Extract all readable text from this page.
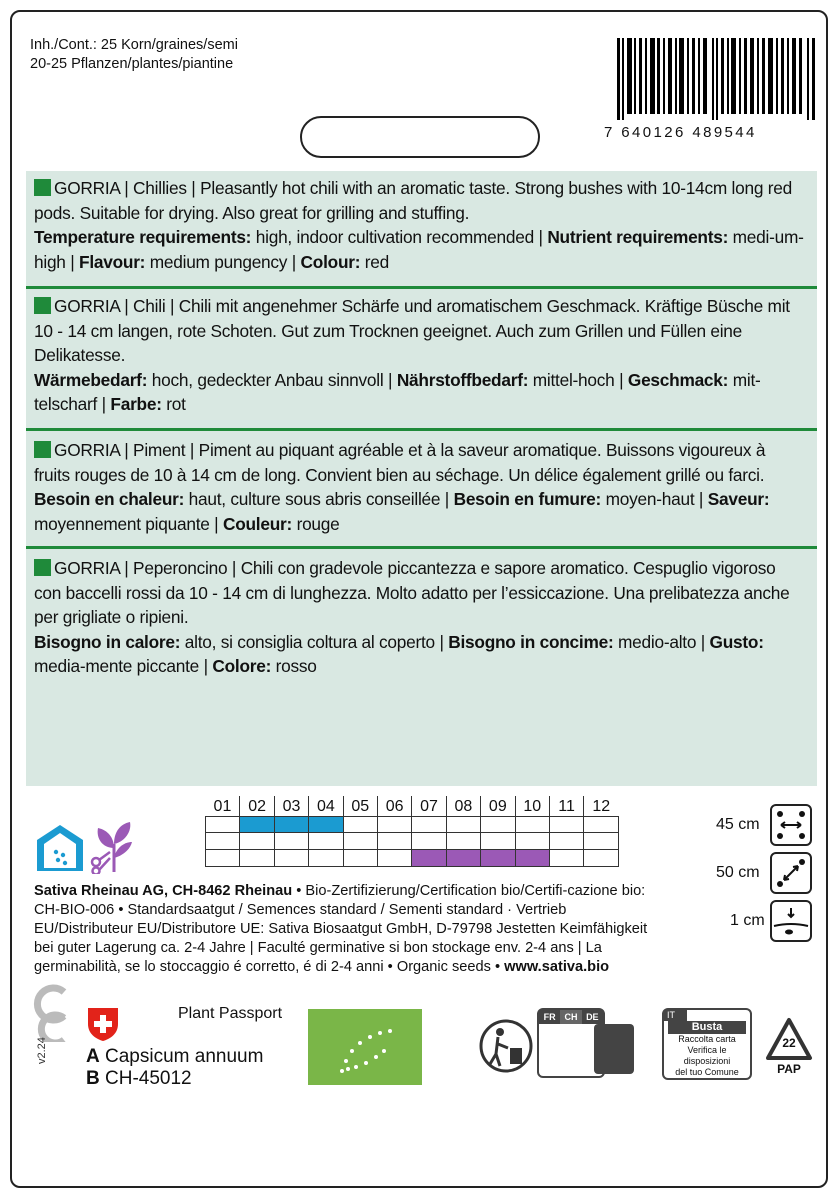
Inh./Cont.: 25 Korn/graines/semi
20-25 Pflanzen/plantes/piantine
7 640126 489544
GORRIA | Chillies | Pleasantly hot chili with an aromatic taste. Strong bushes with 10-14cm long red pods. Suitable for drying. Also great for grilling and stuffing.
Temperature requirements: high, indoor cultivation recommended | Nutrient requirements: medi-um-high | Flavour: medium pungency | Colour: red
GORRIA | Chili | Chili mit angenehmer Schärfe und aromatischem Geschmack. Kräftige Büsche mit 10 - 14 cm langen, rote Schoten. Gut zum Trocknen geeignet. Auch zum Grillen und Füllen eine Delikatesse.
Wärmebedarf: hoch, gedeckter Anbau sinnvoll | Nährstoffbedarf: mittel-hoch | Geschmack: mit-telscharf | Farbe: rot
GORRIA | Piment | Piment au piquant agréable et à la saveur aromatique. Buissons vigoureux à fruits rouges de 10 à 14 cm de long. Convient bien au séchage. Un délice également grillé ou farci.
Besoin en chaleur: haut, culture sous abris conseillée | Besoin en fumure: moyen-haut | Saveur: moyennement piquante | Couleur: rouge
GORRIA | Peperoncino | Chili con gradevole piccantezza e sapore aromatico. Cespuglio vigoroso con baccelli rossi da 10 - 14 cm di lunghezza. Molto adatto per l’essiccazione. Una prelibatezza anche per grigliate o ripieni.
Bisogno in calore: alto, si consiglia coltura al coperto | Bisogno in concime: medio-alto | Gusto: media-mente piccante | Colore: rosso
01	02	03	04	05	06	07	08	09	10	11	12

45 cm
50 cm
1 cm
Sativa Rheinau AG, CH-8462 Rheinau • Bio-Zertifizierung/Certification bio/Certifi-cazione bio: CH-BIO-006 • Standardsaatgut / Semences standard / Sementi standard · Vertrieb EU/Distributeur EU/Distributore UE: Sativa Biosaatgut GmbH, D-79798 Jestetten Keimfähigkeit bei guter Lagerung ca. 2-4 Jahre | Faculté germinative si bon stockage env. 2-4 ans | La germinabilità, se lo stoccaggio é corretto, é di 2-4 anni • Organic seeds • www.sativa.bio
v2.24
Plant Passport
A Capsicum annuum
B CH-45012
FR CH DE	IT
Busta
Raccolta carta
Verifica le disposizioni
del tuo Comune
22
PAP
